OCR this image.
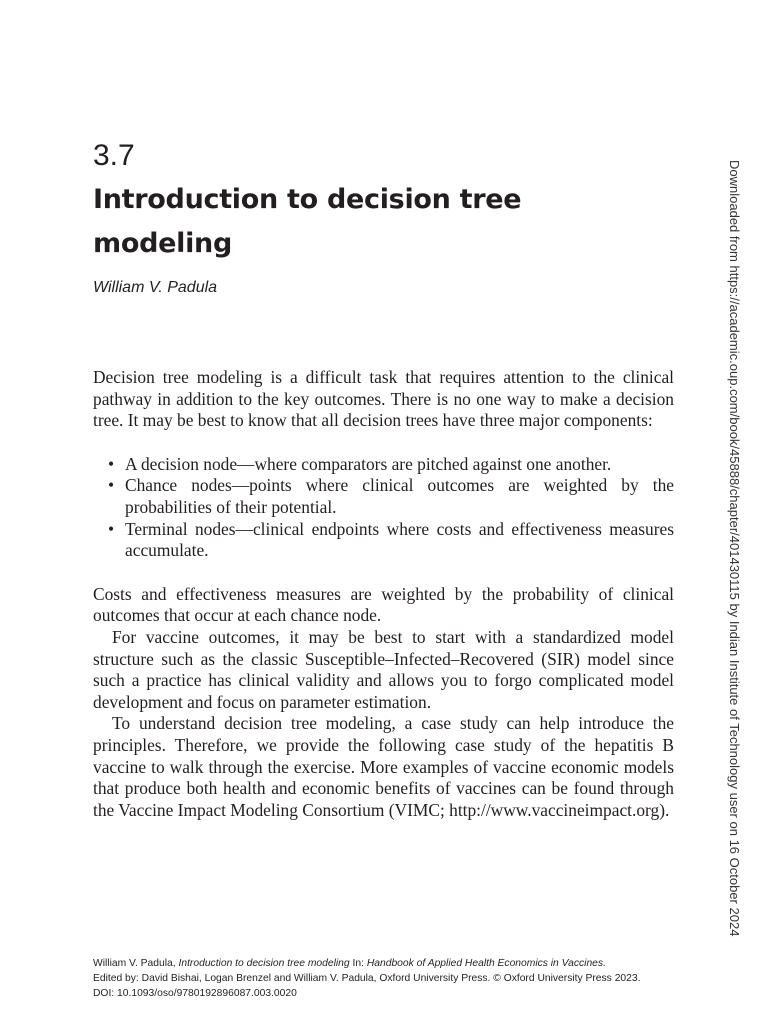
3.7
Introduction to decision tree modeling

William V. Padula

Decision tree modeling is a difficult task that requires attention to the clinical pathway in addition to the key outcomes. There is no one way to make a decision tree. It may be best to know that all decision trees have three major components:

• A decision node—where comparators are pitched against one another.
• Chance nodes—points where clinical outcomes are weighted by the probabilities of their potential.
• Terminal nodes—clinical endpoints where costs and effectiveness measures accumulate.

Costs and effectiveness measures are weighted by the probability of clinical outcomes that occur at each chance node.

For vaccine outcomes, it may be best to start with a standardized model structure such as the classic Susceptible–Infected–Recovered (SIR) model since such a practice has clinical validity and allows you to forgo complicated model development and focus on parameter estimation.

To understand decision tree modeling, a case study can help introduce the principles. Therefore, we provide the following case study of the hepatitis B vaccine to walk through the exercise. More examples of vaccine economic models that produce both health and economic benefits of vaccines can be found through the Vaccine Impact Modeling Consortium (VIMC; http://www.vaccineimpact.org).	Downloaded from https://academic.oup.com/book/45888/chapter/401430115 by Indian Institute of Technology user on 16 October 2024
William V. Padula, Introduction to decision tree modeling In: Handbook of Applied Health Economics in Vaccines.
Edited by: David Bishai, Logan Brenzel and William V. Padula, Oxford University Press. © Oxford University Press 2023.
DOI: 10.1093/oso/9780192896087.003.0020
